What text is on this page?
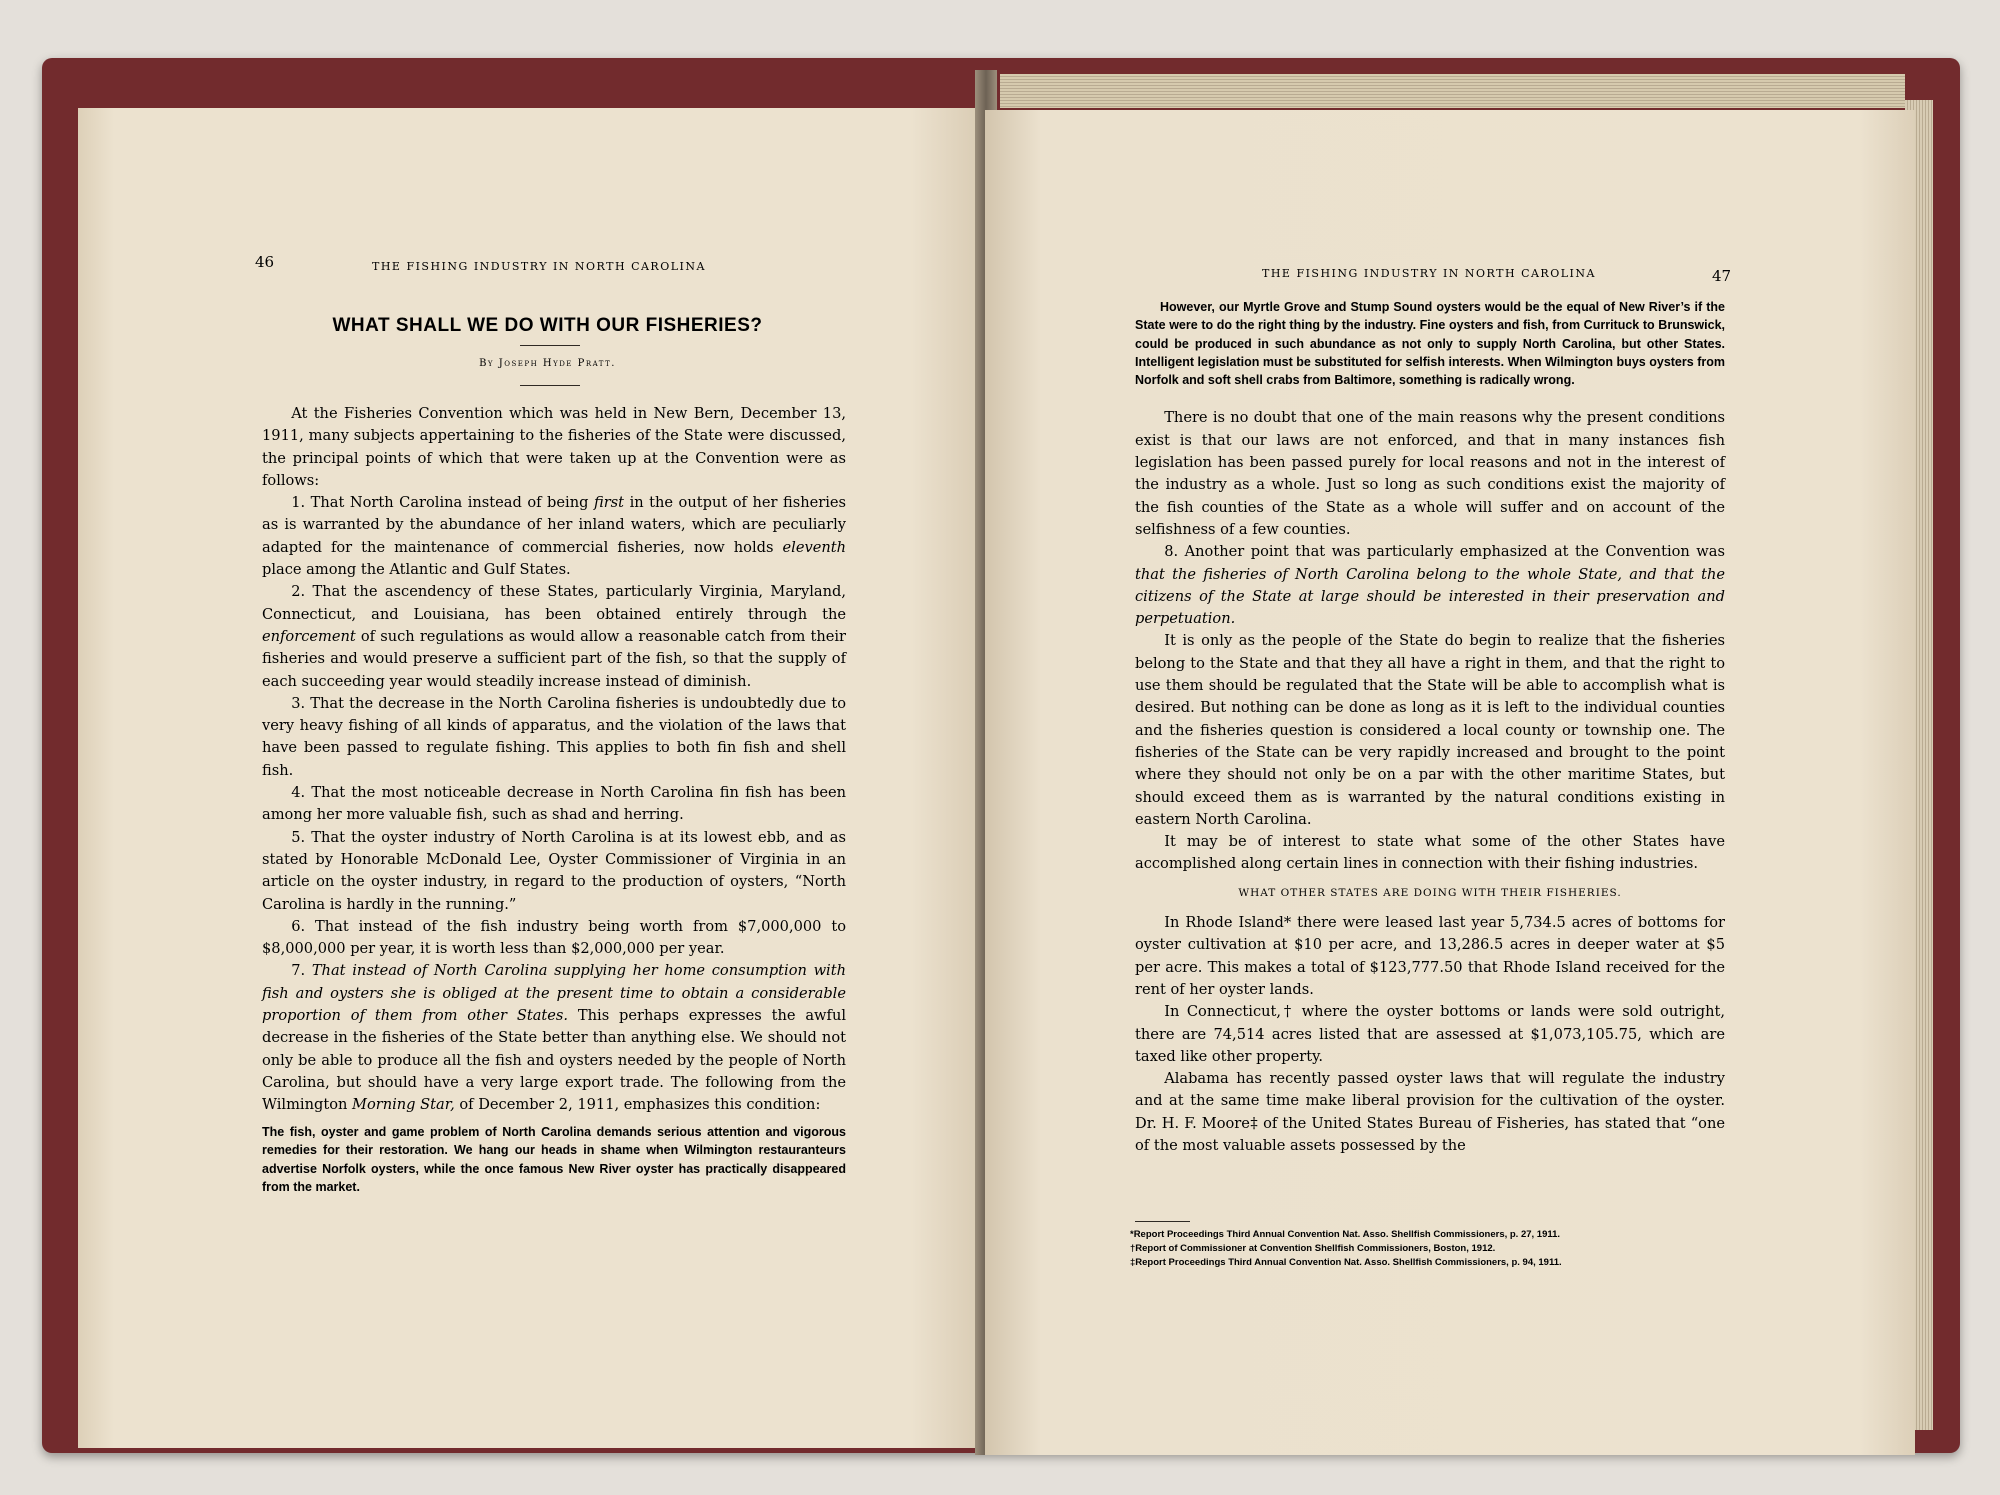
46	THE FISHING INDUSTRY IN NORTH CAROLINA
WHAT SHALL WE DO WITH OUR FISHERIES?
By Joseph Hyde Pratt.

At the Fisheries Convention which was held in New Bern, December 13, 1911, many subjects appertaining to the fisheries of the State were discussed, the principal points of which that were taken up at the Convention were as follows:

1. That North Carolina instead of being first in the output of her fisheries as is warranted by the abundance of her inland waters, which are peculiarly adapted for the maintenance of commercial fisheries, now holds eleventh place among the Atlantic and Gulf States.

2. That the ascendency of these States, particularly Virginia, Maryland, Connecticut, and Louisiana, has been obtained entirely through the enforcement of such regulations as would allow a reasonable catch from their fisheries and would preserve a sufficient part of the fish, so that the supply of each succeeding year would steadily increase instead of diminish.

3. That the decrease in the North Carolina fisheries is undoubtedly due to very heavy fishing of all kinds of apparatus, and the violation of the laws that have been passed to regulate fishing. This applies to both fin fish and shell fish.

4. That the most noticeable decrease in North Carolina fin fish has been among her more valuable fish, such as shad and herring.

5. That the oyster industry of North Carolina is at its lowest ebb, and as stated by Honorable McDonald Lee, Oyster Commissioner of Virginia in an article on the oyster industry, in regard to the production of oysters, “North Carolina is hardly in the running.”

6. That instead of the fish industry being worth from $7,000,000 to $8,000,000 per year, it is worth less than $2,000,000 per year.

7. That instead of North Carolina supplying her home consumption with fish and oysters she is obliged at the present time to obtain a considerable proportion of them from other States. This perhaps expresses the awful decrease in the fisheries of the State better than anything else. We should not only be able to produce all the fish and oysters needed by the people of North Carolina, but should have a very large export trade. The following from the Wilmington Morning Star, of December 2, 1911, emphasizes this condition:

The fish, oyster and game problem of North Carolina demands serious attention and vigorous remedies for their restoration. We hang our heads in shame when Wilmington restauranteurs advertise Norfolk oysters, while the once famous New River oyster has practically disappeared from the market.

THE FISHING INDUSTRY IN NORTH CAROLINA	47

However, our Myrtle Grove and Stump Sound oysters would be the equal of New River’s if the State were to do the right thing by the industry. Fine oysters and fish, from Currituck to Brunswick, could be produced in such abundance as not only to supply North Carolina, but other States. Intelligent legislation must be substituted for selfish interests. When Wilmington buys oysters from Norfolk and soft shell crabs from Baltimore, something is radically wrong.

There is no doubt that one of the main reasons why the present conditions exist is that our laws are not enforced, and that in many instances fish legislation has been passed purely for local reasons and not in the interest of the industry as a whole. Just so long as such conditions exist the majority of the fish counties of the State as a whole will suffer and on account of the selfishness of a few counties.

8. Another point that was particularly emphasized at the Convention was that the fisheries of North Carolina belong to the whole State, and that the citizens of the State at large should be interested in their preservation and perpetuation.

It is only as the people of the State do begin to realize that the fisheries belong to the State and that they all have a right in them, and that the right to use them should be regulated that the State will be able to accomplish what is desired. But nothing can be done as long as it is left to the individual counties and the fisheries question is considered a local county or township one. The fisheries of the State can be very rapidly increased and brought to the point where they should not only be on a par with the other maritime States, but should exceed them as is warranted by the natural conditions existing in eastern North Carolina.

It may be of interest to state what some of the other States have accomplished along certain lines in connection with their fishing industries.

WHAT OTHER STATES ARE DOING WITH THEIR FISHERIES.

In Rhode Island* there were leased last year 5,734.5 acres of bottoms for oyster cultivation at $10 per acre, and 13,286.5 acres in deeper water at $5 per acre. This makes a total of $123,777.50 that Rhode Island received for the rent of her oyster lands.

In Connecticut,† where the oyster bottoms or lands were sold outright, there are 74,514 acres listed that are assessed at $1,073,105.75, which are taxed like other property.

Alabama has recently passed oyster laws that will regulate the industry and at the same time make liberal provision for the cultivation of the oyster. Dr. H. F. Moore‡ of the United States Bureau of Fisheries, has stated that “one of the most valuable assets possessed by the

*Report Proceedings Third Annual Convention Nat. Asso. Shellfish Commissioners, p. 27, 1911.
†Report of Commissioner at Convention Shellfish Commissioners, Boston, 1912.
‡Report Proceedings Third Annual Convention Nat. Asso. Shellfish Commissioners, p. 94, 1911.
